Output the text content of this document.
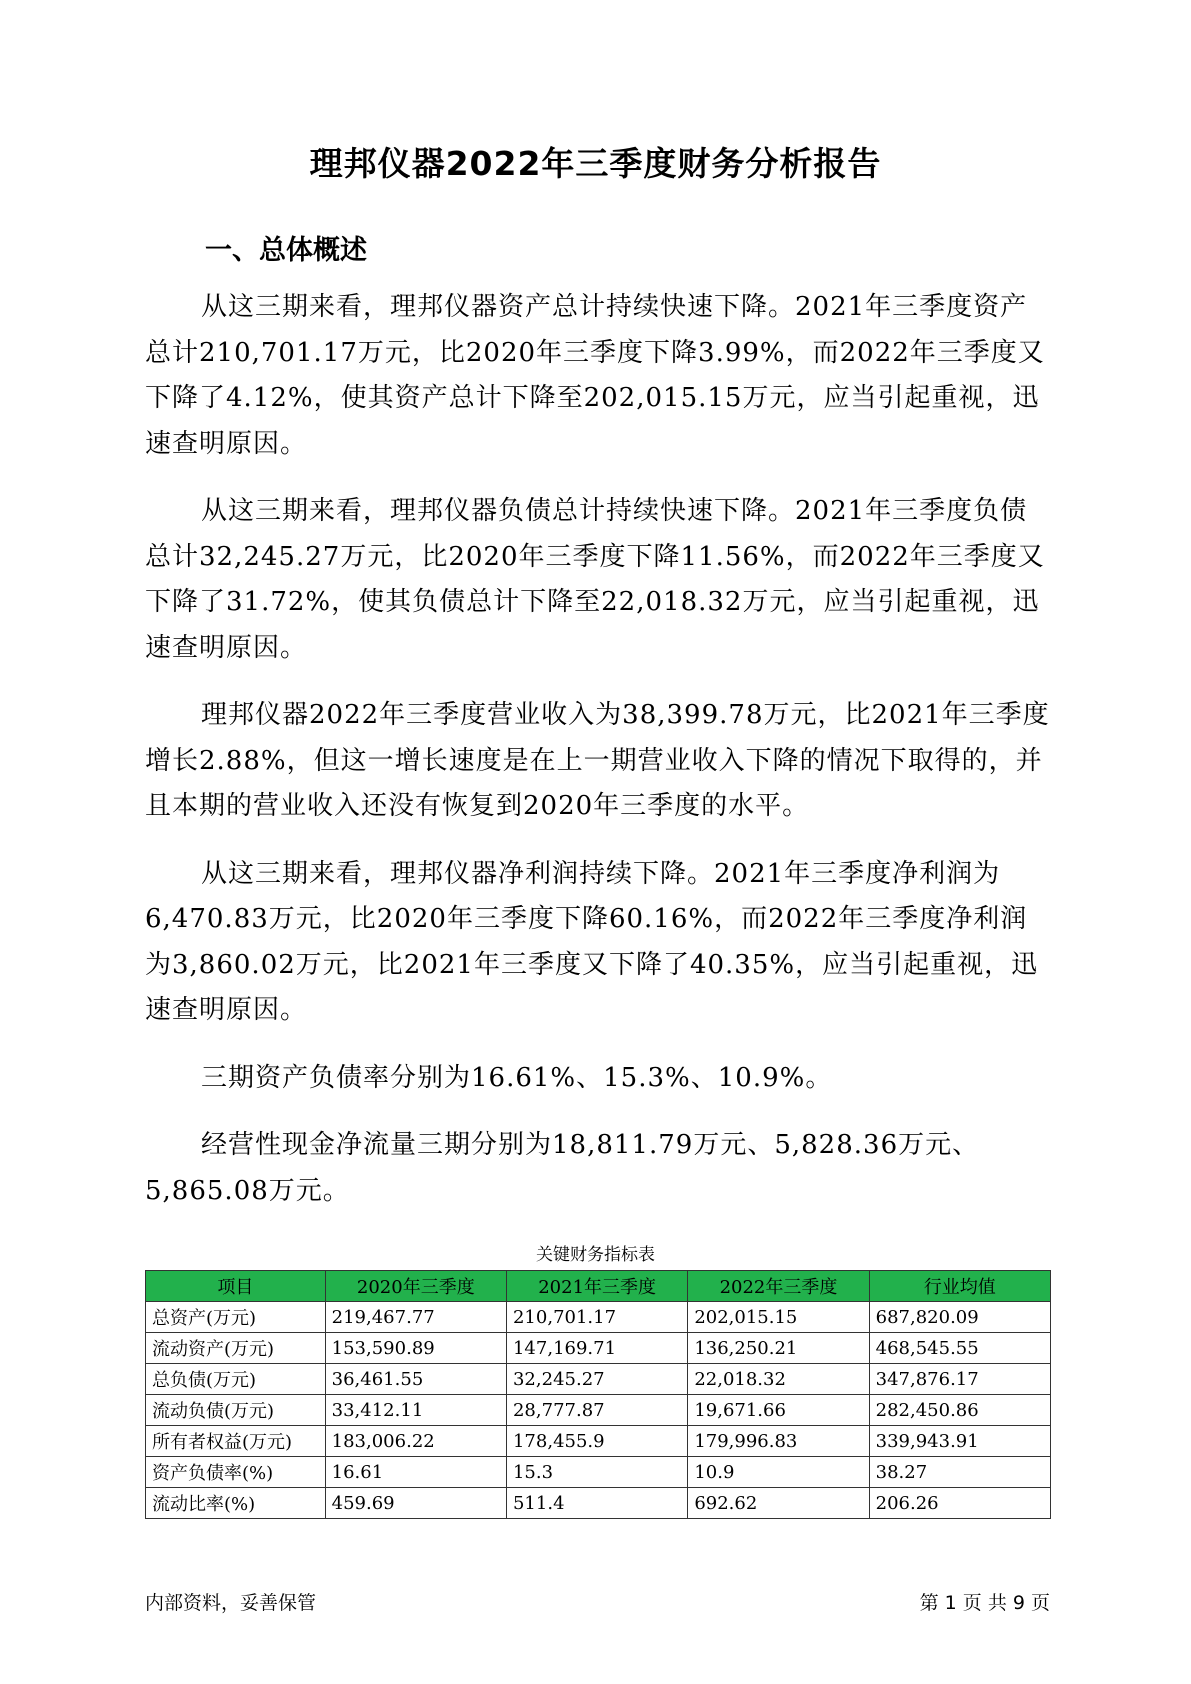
理邦仪器2022年三季度财务分析报告
一、总体概述

从这三期来看，理邦仪器资产总计持续快速下降。2021年三季度资产总计210,701.17万元，比2020年三季度下降3.99%，而2022年三季度又下降了4.12%，使其资产总计下降至202,015.15万元，应当引起重视，迅速查明原因。

从这三期来看，理邦仪器负债总计持续快速下降。2021年三季度负债总计32,245.27万元，比2020年三季度下降11.56%，而2022年三季度又下降了31.72%，使其负债总计下降至22,018.32万元，应当引起重视，迅速查明原因。

理邦仪器2022年三季度营业收入为38,399.78万元，比2021年三季度增长2.88%，但这一增长速度是在上一期营业收入下降的情况下取得的，并且本期的营业收入还没有恢复到2020年三季度的水平。

从这三期来看，理邦仪器净利润持续下降。2021年三季度净利润为6,470.83万元，比2020年三季度下降60.16%，而2022年三季度净利润为3,860.02万元，比2021年三季度又下降了40.35%，应当引起重视，迅速查明原因。

三期资产负债率分别为16.61%、15.3%、10.9%。

经营性现金净流量三期分别为18,811.79万元、5,828.36万元、5,865.08万元。

关键财务指标表
项目	2020年三季度	2021年三季度	2022年三季度	行业均值
总资产(万元)	219,467.77	210,701.17	202,015.15	687,820.09
流动资产(万元)	153,590.89	147,169.71	136,250.21	468,545.55
总负债(万元)	36,461.55	32,245.27	22,018.32	347,876.17
流动负债(万元)	33,412.11	28,777.87	19,671.66	282,450.86
所有者权益(万元)	183,006.22	178,455.9	179,996.83	339,943.91
资产负债率(%)	16.61	15.3	10.9	38.27
流动比率(%)	459.69	511.4	692.62	206.26
内部资料，妥善保管	第 1 页 共 9 页
